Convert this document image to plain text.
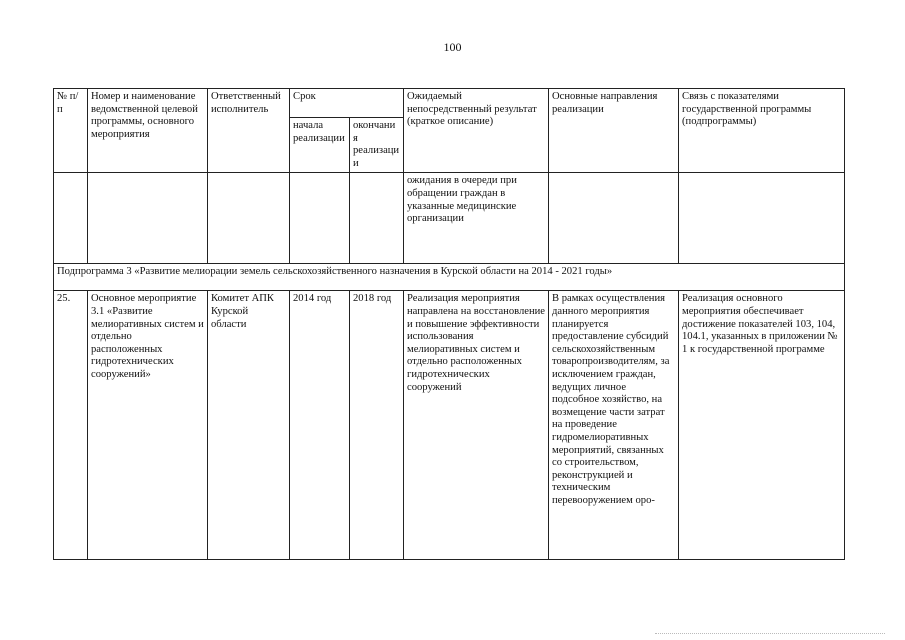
100
№ п/п	Номер и наименование ведомственной целевой программы, основного мероприятия	Ответственный исполнитель	Срок		Ожидаемый непосредственный результат (краткое описание)	Основные направления реализации	Связь с показателями государственной программы (подпрограммы)
			начала реализации	окончания реализации			
					ожидания в очереди при обращении граждан в указанные медицинские организации		
Подпрограмма 3 «Развитие мелиорации земель сельскохозяйственного назначения в Курской области на 2014 - 2021 годы»							
25.	Основное мероприятие 3.1 «Развитие мелиоративных систем и отдельно расположенных гидротехнических сооружений»	Комитет АПК Курской области	2014 год	2018 год	Реализация мероприятия направлена на восстановление и повышение эффективности использования мелиоративных систем и отдельно расположенных гидротехнических сооружений	В рамках осуществления данного мероприятия планируется предоставление субсидий сельскохозяйственным товаропроизводителям, за исключением граждан, ведущих личное подсобное хозяйство, на возмещение части затрат на проведение гидромелиоративных мероприятий, связанных со строительством, реконструкцией и техническим перевооружением оро-	Реализация основного мероприятия обеспечивает достижение показателей 103, 104, 104.1, указанных в приложении № 1 к государственной программе
